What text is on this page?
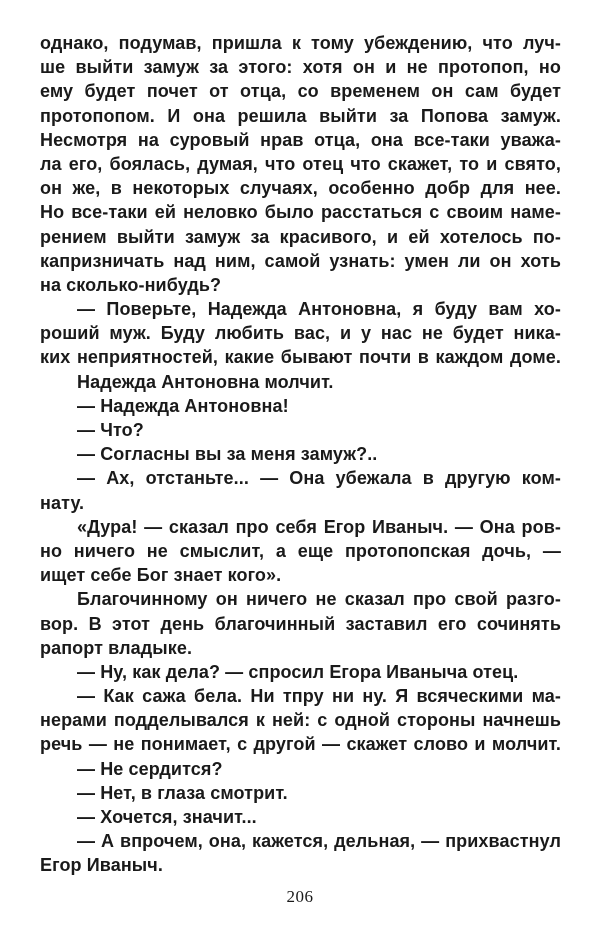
однако, подумав, пришла к тому убеждению, что луч-
ше выйти замуж за этого: хотя он и не протопоп, но
ему будет почет от отца, со временем он сам будет
протопопом. И она решила выйти за Попова замуж.
Несмотря на суровый нрав отца, она все-таки уважа-
ла его, боялась, думая, что отец что скажет, то и свято,
он же, в некоторых случаях, особенно добр для нее.
Но все-таки ей неловко было расстаться с своим наме-
рением выйти замуж за красивого, и ей хотелось по-
капризничать над ним, самой узнать: умен ли он хоть
на сколько-нибудь?
— Поверьте, Надежда Антоновна, я буду вам хо-
роший муж. Буду любить вас, и у нас не будет никa-
ких неприятностей, какие бывают почти в каждом доме.
Надежда Антоновна молчит.
— Надежда Антоновна!
— Что?
— Согласны вы за меня замуж?..
— Ах, отстаньте... — Она убежала в другую ком-
нату.
«Дура! — сказал про себя Егор Иваныч. — Она ров-
но ничего не смыслит, а еще протопопская дочь, —
ищет себе Бог знает кого».
Благочинному он ничего не сказал про свой разго-
вор. В этот день благочинный заставил его сочинять
рапорт владыке.
— Ну, как дела? — спросил Егора Иваныча отец.
— Как сажа бела. Ни тпру ни ну. Я всяческими ма-
нерами подделывался к ней: с одной стороны начнешь
речь — не понимает, с другой — скажет слово и молчит.
— Не сердится?
— Нет, в глаза смотрит.
— Хочется, значит...
— А впрочем, она, кажется, дельная, — прихвастнул
Егор Иваныч.
206
